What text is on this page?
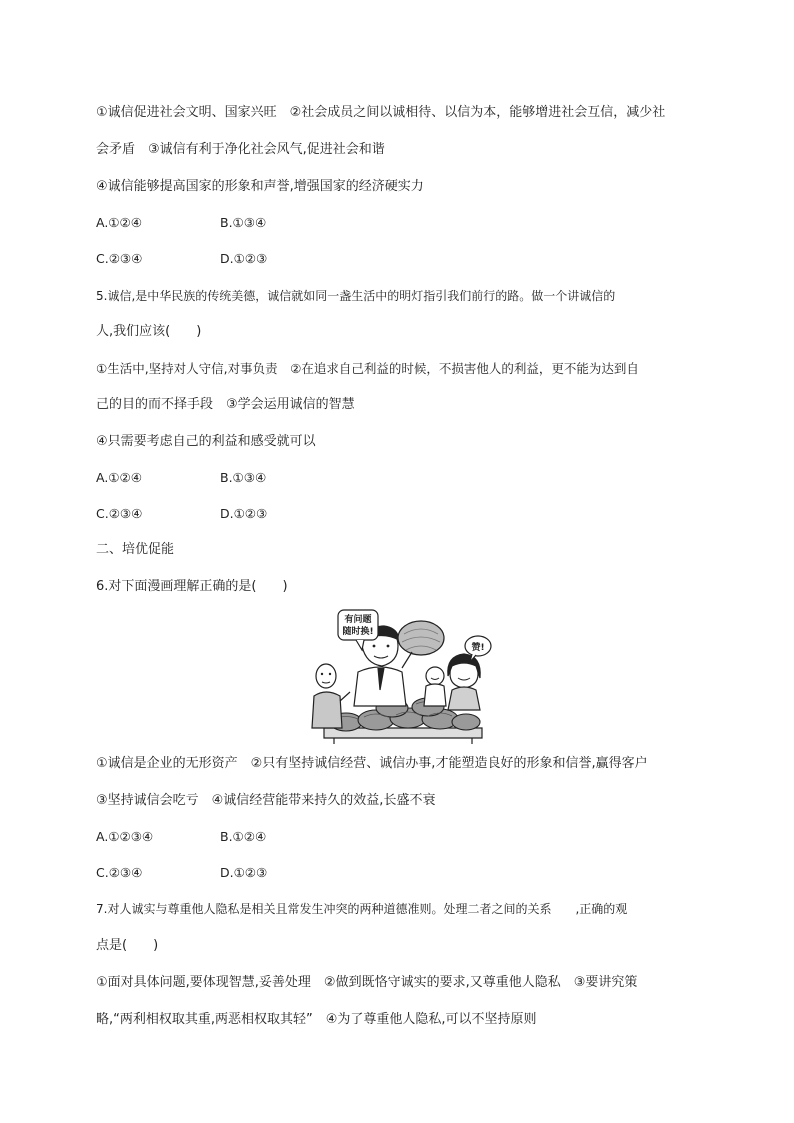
①诚信促进社会文明、国家兴旺　②社会成员之间以诚相待、以信为本，能够增进社会互信，减少社
会矛盾　③诚信有利于净化社会风气,促进社会和谐
④诚信能够提高国家的形象和声誉,增强国家的经济硬实力
A.①②④	B.①③④
C.②③④	D.①②③
5.诚信,是中华民族的传统美德，诚信就如同一盏生活中的明灯指引我们前行的路。做一个讲诚信的
人,我们应该(　　)
①生活中,坚持对人守信,对事负责　②在追求自己利益的时候，不损害他人的利益，更不能为达到自
己的目的而不择手段　③学会运用诚信的智慧
④只需要考虑自己的利益和感受就可以
A.①②④	B.①③④
C.②③④	D.①②③
二、培优促能
6.对下面漫画理解正确的是(　　)
有问题
随时换!
赞!
①诚信是企业的无形资产　②只有坚持诚信经营、诚信办事,才能塑造良好的形象和信誉,赢得客户
③坚持诚信会吃亏　④诚信经营能带来持久的效益,长盛不衰
A.①②③④	B.①②④
C.②③④	D.①②③
7.对人诚实与尊重他人隐私是相关且常发生冲突的两种道德准则。处理二者之间的关系　　,正确的观
点是(　　)
①面对具体问题,要体现智慧,妥善处理　②做到既恪守诚实的要求,又尊重他人隐私　③要讲究策
略,“两利相权取其重,两恶相权取其轻”　④为了尊重他人隐私,可以不坚持原则
